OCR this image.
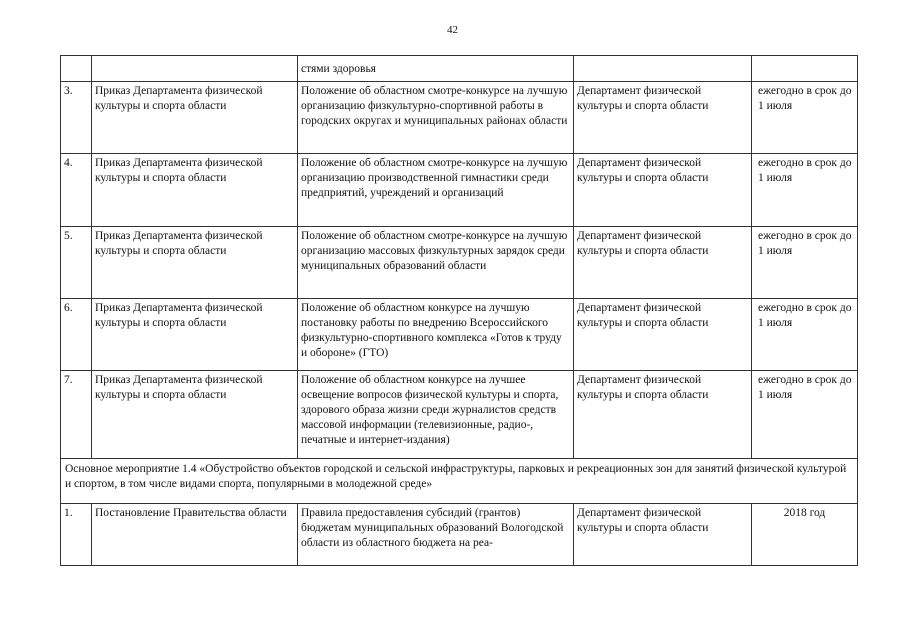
42
		стями здоровья		
3.	Приказ Департамента физической культуры и спорта области	Положение об областном смотре-конкурсе на лучшую организацию физкультурно-спортивной работы в городских округах и муниципальных районах области	Департамент физической культуры и спорта области	ежегодно в срок до 1 июля
4.	Приказ Департамента физической культуры и спорта области	Положение об областном смотре-конкурсе на лучшую организацию производственной гимнастики среди предприятий, учреждений и организаций	Департамент физической культуры и спорта области	ежегодно в срок до 1 июля
5.	Приказ Департамента физической культуры и спорта области	Положение об областном смотре-конкурсе на лучшую организацию массовых физкультурных зарядок среди муниципальных образований области	Департамент физической культуры и спорта области	ежегодно в срок до 1 июля
6.	Приказ Департамента физической культуры и спорта области	Положение об областном конкурсе на лучшую постановку работы по внедрению Всероссийского физкультурно-спортивного комплекса «Готов к труду и обороне» (ГТО)	Департамент физической культуры и спорта области	ежегодно в срок до 1 июля
7.	Приказ Департамента физической культуры и спорта области	Положение об областном конкурсе на лучшее освещение вопросов физической культуры и спорта, здорового образа жизни среди журналистов средств массовой информации (телевизионные, радио-, печатные и интернет-издания)	Департамент физической культуры и спорта области	ежегодно в срок до 1 июля
Основное мероприятие 1.4 «Обустройство объектов городской и сельской инфраструктуры, парковых и рекреационных зон для занятий физической культурой и спортом, в том числе видами спорта, популярными в молодежной среде»				
1.	Постановление Правительства области	Правила предоставления субсидий (грантов) бюджетам муниципальных образований Вологодской области из областного бюджета на реа-	Департамент физической культуры и спорта области	2018 год
